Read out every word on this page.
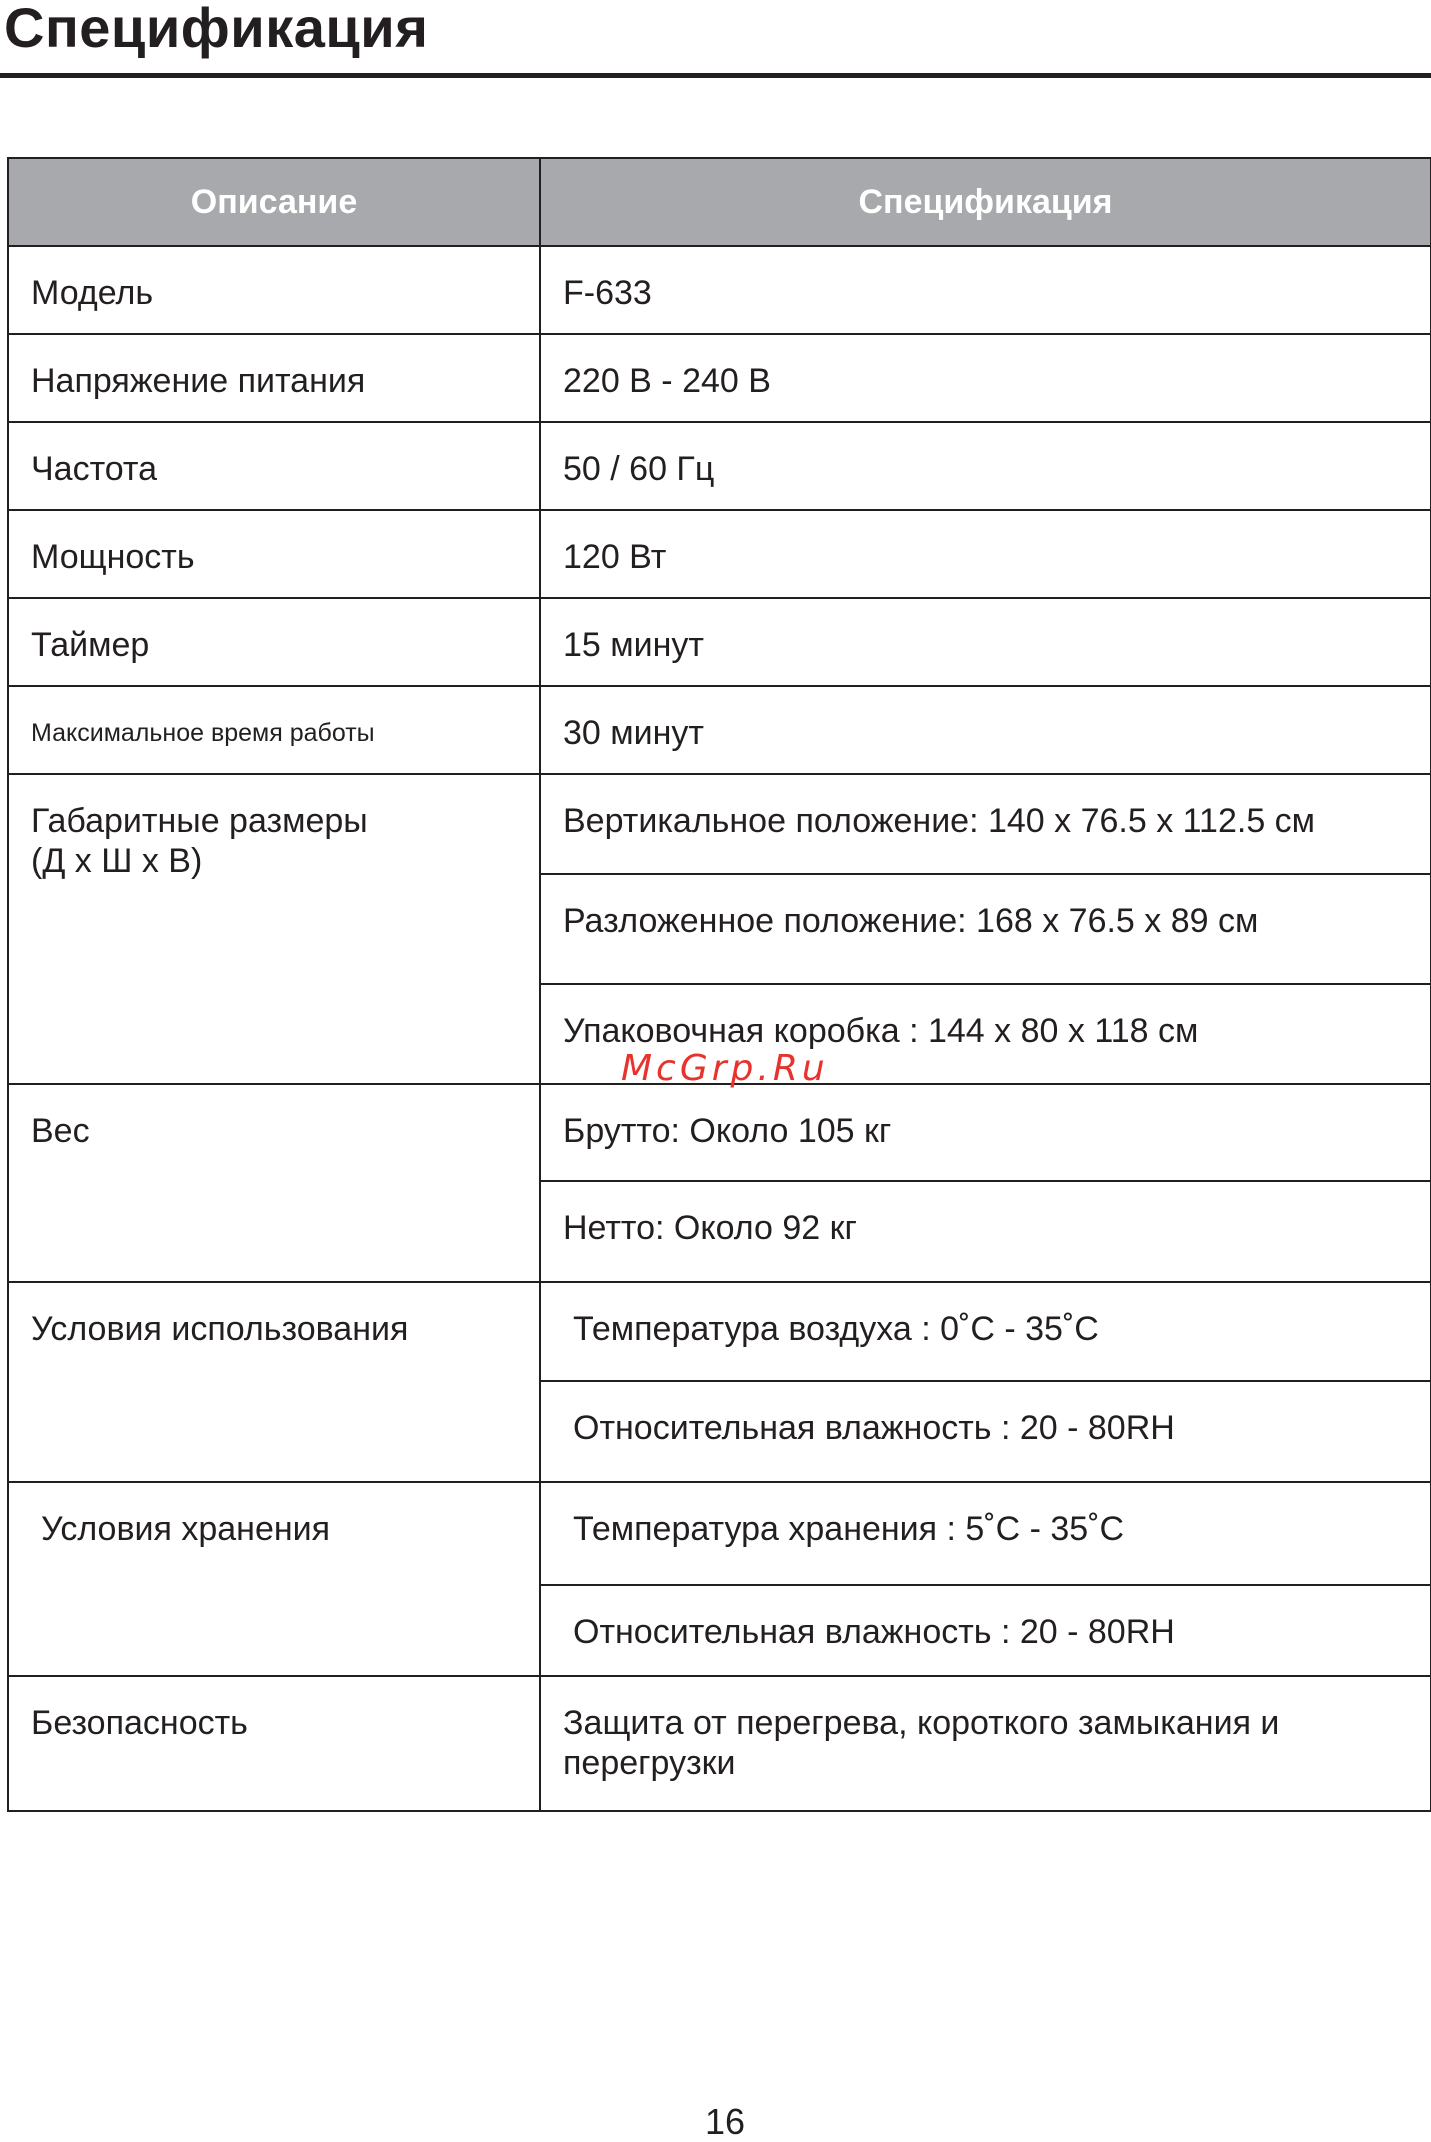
Спецификация
Описание	Спецификация
Модель	F-633
Напряжение питания	220 В - 240 В
Частота	50 / 60 Гц
Мощность	120 Вт
Таймер	15 минут
Максимальное время работы	30 минут

Габаритные размеры
(Д х Ш х В)	Вертикальное положение: 140 х 76.5 х 112.5 см
	Разложенное положение: 168 х 76.5 х 89 см
	Упаковочная коробка : 144 х 80 х 118 см
Вес	Брутто: Около 105 кг
	Нетто: Около 92 кг
Условия использования	Температура воздуха : 0˚C - 35˚C
	Относительная влажность : 20 - 80RH
Условия хранения	Температура хранения : 5˚C - 35˚C
	Относительная влажность : 20 - 80RH
Безопасность	Защита от перегрева, короткого замыкания и
перегрузки
McGrp.Ru
16
